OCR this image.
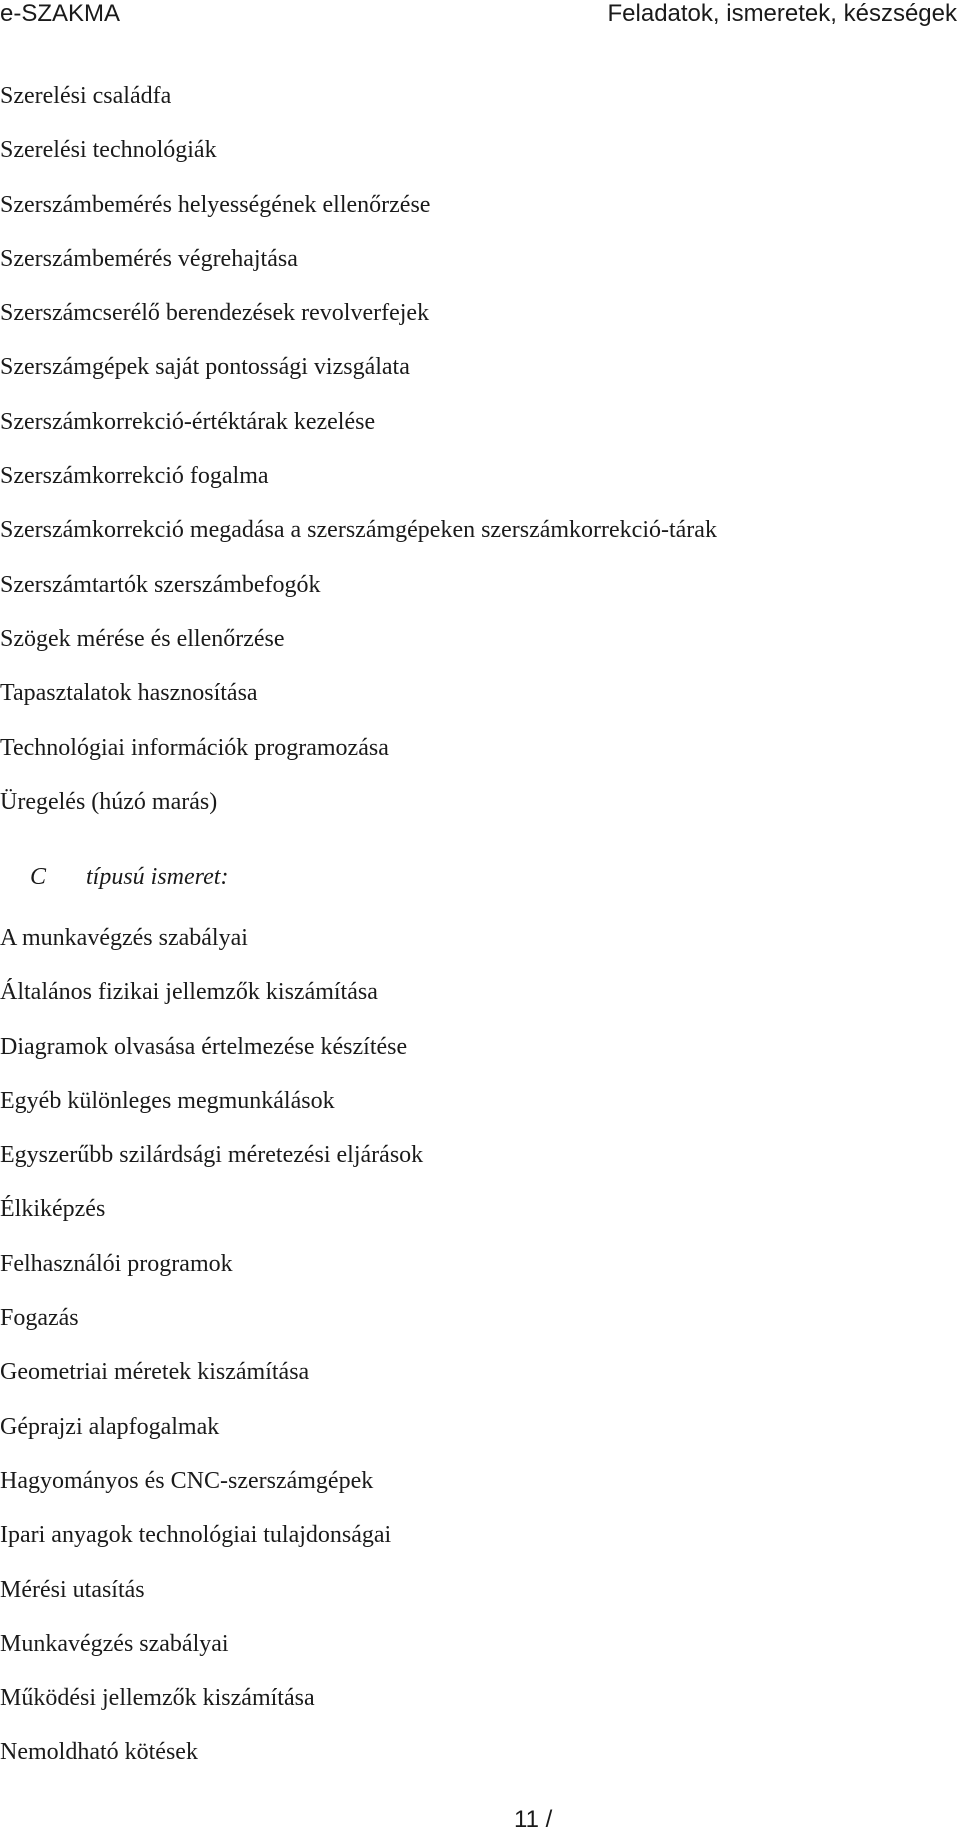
e-SZAKMA	Feladatok, ismeretek, készségek
Szerelési családfa
Szerelési technológiák
Szerszámbemérés helyességének ellenőrzése
Szerszámbemérés végrehajtása
Szerszámcserélő berendezések revolverfejek
Szerszámgépek saját pontossági vizsgálata
Szerszámkorrekció-értéktárak kezelése
Szerszámkorrekció fogalma
Szerszámkorrekció megadása a szerszámgépeken szerszámkorrekció-tárak
Szerszámtartók szerszámbefogók
Szögek mérése és ellenőrzése
Tapasztalatok hasznosítása
Technológiai információk programozása
Üregelés (húzó marás)
C típusú ismeret:
A munkavégzés szabályai
Általános fizikai jellemzők kiszámítása
Diagramok olvasása értelmezése készítése
Egyéb különleges megmunkálások
Egyszerűbb szilárdsági méretezési eljárások
Élkiképzés
Felhasználói programok
Fogazás
Geometriai méretek kiszámítása
Géprajzi alapfogalmak
Hagyományos és CNC-szerszámgépek
Ipari anyagok technológiai tulajdonságai
Mérési utasítás
Munkavégzés szabályai
Működési jellemzők kiszámítása
Nemoldható kötések
11 /
